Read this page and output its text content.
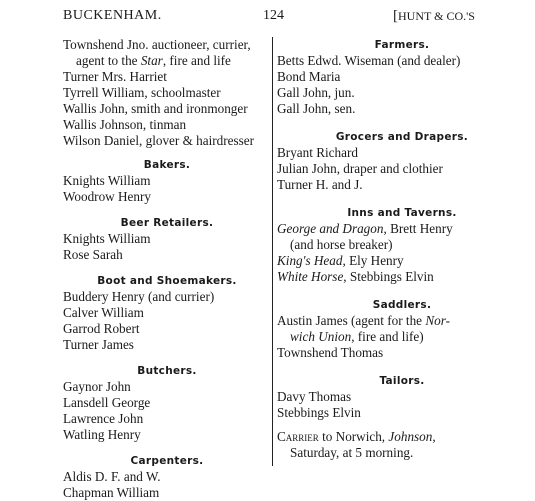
BUCKENHAM.	124	[HUNT & CO.'S
Townshend Jno. auctioneer, currier,
agent to the Star, fire and life
Turner Mrs. Harriet
Tyrrell William, schoolmaster
Wallis John, smith and ironmonger
Wallis Johnson, tinman
Wilson Daniel, glover & hairdresser
Bakers.
Knights William
Woodrow Henry
Beer Retailers.
Knights William
Rose Sarah
Boot and Shoemakers.
Buddery Henry (and currier)
Calver William
Garrod Robert
Turner James
Butchers.
Gaynor John
Lansdell George
Lawrence John
Watling Henry
Carpenters.
Aldis D. F. and W.
Chapman William
Farmers.
Betts Edwd. Wiseman (and dealer)
Bond Maria
Gall John, jun.
Gall John, sen.
Grocers and Drapers.
Bryant Richard
Julian John, draper and clothier
Turner H. and J.
Inns and Taverns.
George and Dragon, Brett Henry
(and horse breaker)
King's Head, Ely Henry
White Horse, Stebbings Elvin
Saddlers.
Austin James (agent for the Nor-
wich Union, fire and life)
Townshend Thomas
Tailors.
Davy Thomas
Stebbings Elvin
Carrier to Norwich, Johnson,
Saturday, at 5 morning.
